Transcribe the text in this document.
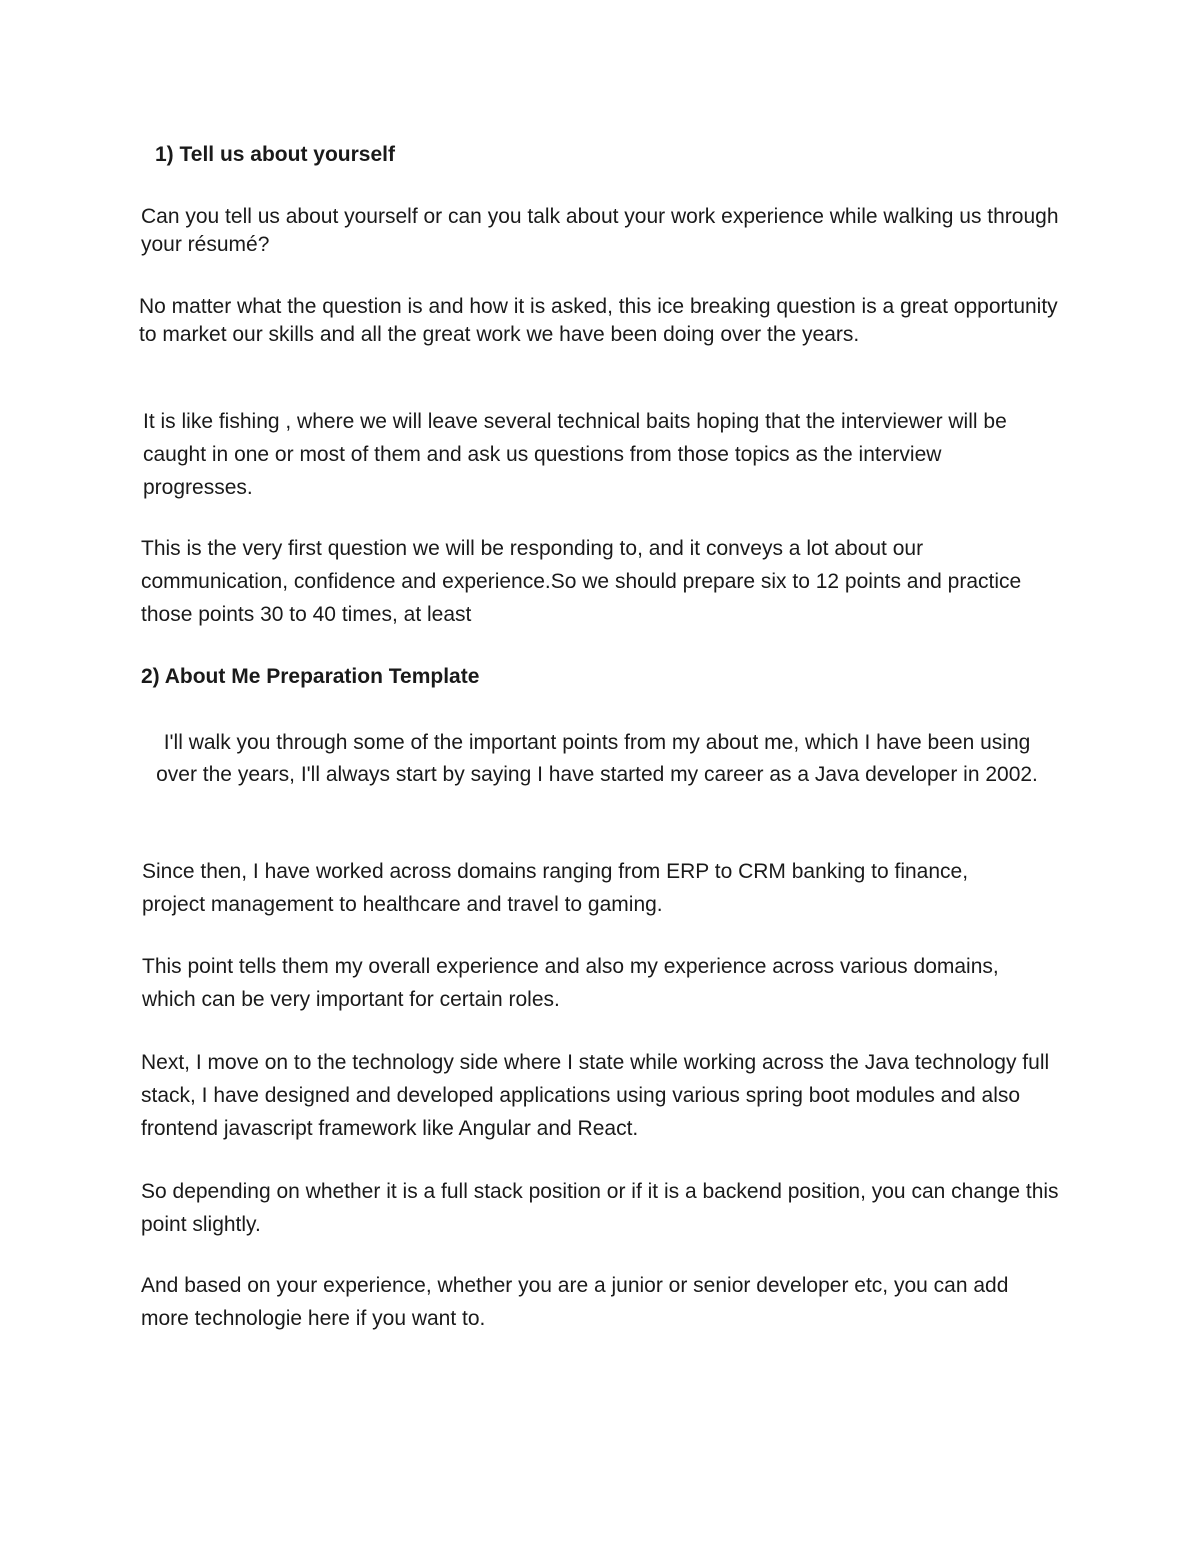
1) Tell us about yourself

Can you tell us about yourself or can you talk about your work experience while walking us through your résumé?

No matter what the question is and how it is asked, this ice breaking question is a great opportunity to market our skills and all the great work we have been doing over the years.

It is like fishing , where we will leave several technical baits hoping that the interviewer will be caught in one or most of them and ask us questions from those topics as the interview progresses.

This is the very first question we will be responding to, and it conveys a lot about our communication, confidence and experience.So we should prepare six to 12 points and practice those points 30 to 40 times, at least

2) About Me Preparation Template

I'll walk you through some of the important points from my about me, which I have been using over the years, I'll always start by saying I have started my career as a Java developer in 2002.

Since then, I have worked across domains ranging from ERP to CRM banking to finance, project management to healthcare and travel to gaming.

This point tells them my overall experience and also my experience across various domains, which can be very important for certain roles.

Next, I move on to the technology side where I state while working across the Java technology full stack, I have designed and developed applications using various spring boot modules and also frontend javascript framework like Angular and React.

So depending on whether it is a full stack position or if it is a backend position, you can change this point slightly.

And based on your experience, whether you are a junior or senior developer etc, you can add more technologie here if you want to.
